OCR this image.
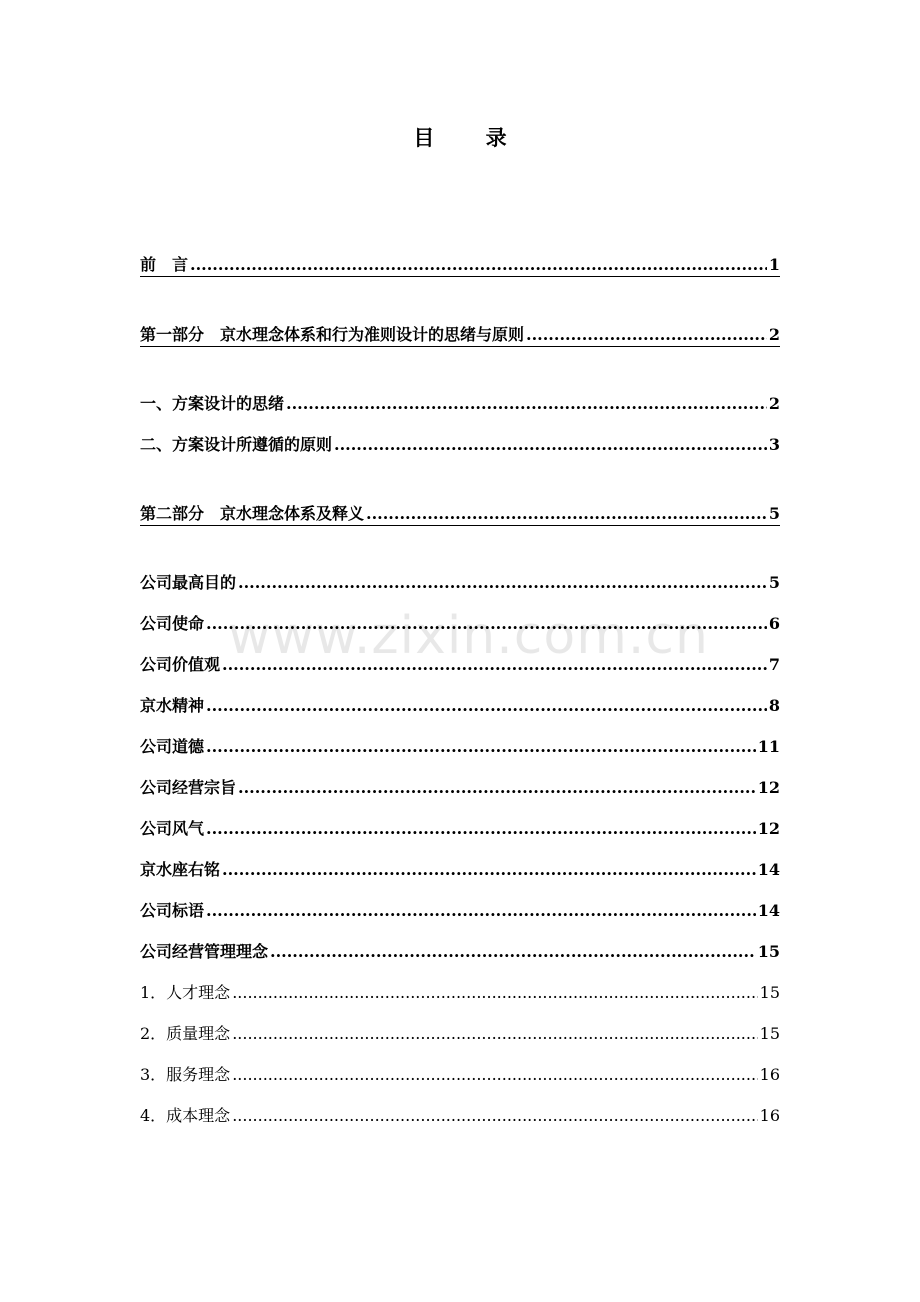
目 录
www.zixin.com.cn
前　言 .....	1
第一部分　京水理念体系和行为准则设计的思绪与原则 .....	2
一、方案设计的思绪 .....	2
二、方案设计所遵循的原则 .....	3
第二部分　京水理念体系及释义 .....	5
公司最高目的 .....	5
公司使命 .....	6
公司价值观 .....	7
京水精神 .....	8
公司道德 .....	11
公司经营宗旨 .....	12
公司风气 .....	12
京水座右铭 .....	14
公司标语 .....	14
公司经营管理理念 .....	15
1．人才理念 .....	15
2．质量理念 .....	15
3．服务理念 .....	16
4．成本理念 .....	16
